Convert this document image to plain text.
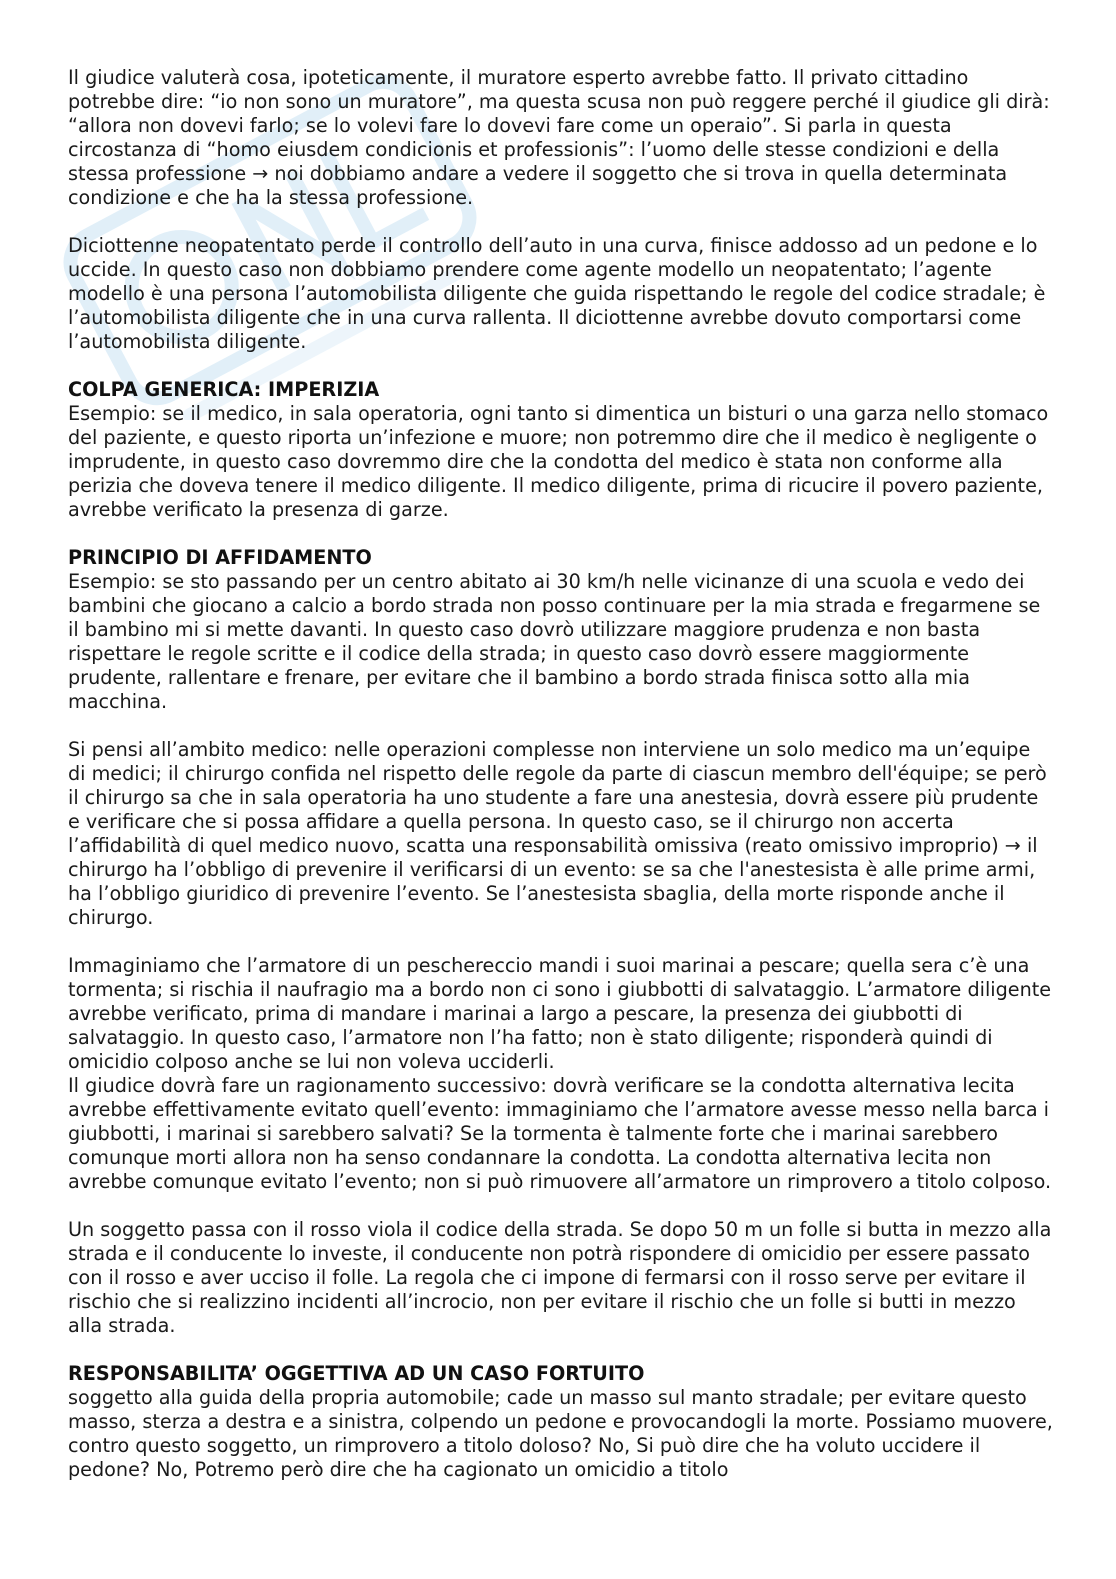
Il giudice valuterà cosa, ipoteticamente, il muratore esperto avrebbe fatto. Il privato cittadino potrebbe dire: “io non sono un muratore”, ma questa scusa non può reggere perché il giudice gli dirà: “allora non dovevi farlo; se lo volevi fare lo dovevi fare come un operaio”. Si parla in questa circostanza di “homo eiusdem condicionis et professionis”: l’uomo delle stesse condizioni e della stessa professione → noi dobbiamo andare a vedere il soggetto che si trova in quella determinata condizione e che ha la stessa professione.

Diciottenne neopatentato perde il controllo dell’auto in una curva, finisce addosso ad un pedone e lo uccide. In questo caso non dobbiamo prendere come agente modello un neopatentato; l’agente modello è una persona l’automobilista diligente che guida rispettando le regole del codice stradale; è l’automobilista diligente che in una curva rallenta. Il diciottenne avrebbe dovuto comportarsi come l’automobilista diligente.

COLPA GENERICA: IMPERIZIA

Esempio: se il medico, in sala operatoria, ogni tanto si dimentica un bisturi o una garza nello stomaco del paziente, e questo riporta un’infezione e muore; non potremmo dire che il medico è negligente o imprudente, in questo caso dovremmo dire che la condotta del medico è stata non conforme alla perizia che doveva tenere il medico diligente. Il medico diligente, prima di ricucire il povero paziente, avrebbe verificato la presenza di garze.

PRINCIPIO DI AFFIDAMENTO

Esempio: se sto passando per un centro abitato ai 30 km/h nelle vicinanze di una scuola e vedo dei bambini che giocano a calcio a bordo strada non posso continuare per la mia strada e fregarmene se il bambino mi si mette davanti. In questo caso dovrò utilizzare maggiore prudenza e non basta rispettare le regole scritte e il codice della strada; in questo caso dovrò essere maggiormente prudente, rallentare e frenare, per evitare che il bambino a bordo strada finisca sotto alla mia macchina.

Si pensi all’ambito medico: nelle operazioni complesse non interviene un solo medico ma un’equipe di medici; il chirurgo confida nel rispetto delle regole da parte di ciascun membro dell'équipe; se però il chirurgo sa che in sala operatoria ha uno studente a fare una anestesia, dovrà essere più prudente e verificare che si possa affidare a quella persona. In questo caso, se il chirurgo non accerta l’affidabilità di quel medico nuovo, scatta una responsabilità omissiva (reato omissivo improprio) → il chirurgo ha l’obbligo di prevenire il verificarsi di un evento: se sa che l'anestesista è alle prime armi, ha l’obbligo giuridico di prevenire l’evento. Se l’anestesista sbaglia, della morte risponde anche il chirurgo.

Immaginiamo che l’armatore di un peschereccio mandi i suoi marinai a pescare; quella sera c’è una tormenta; si rischia il naufragio ma a bordo non ci sono i giubbotti di salvataggio. L’armatore diligente avrebbe verificato, prima di mandare i marinai a largo a pescare, la presenza dei giubbotti di salvataggio. In questo caso, l’armatore non l’ha fatto; non è stato diligente; risponderà quindi di omicidio colposo anche se lui non voleva ucciderli.

Il giudice dovrà fare un ragionamento successivo: dovrà verificare se la condotta alternativa lecita avrebbe effettivamente evitato quell’evento: immaginiamo che l’armatore avesse messo nella barca i giubbotti, i marinai si sarebbero salvati? Se la tormenta è talmente forte che i marinai sarebbero comunque morti allora non ha senso condannare la condotta. La condotta alternativa lecita non avrebbe comunque evitato l’evento; non si può rimuovere all’armatore un rimprovero a titolo colposo.

Un soggetto passa con il rosso viola il codice della strada. Se dopo 50 m un folle si butta in mezzo alla strada e il conducente lo investe, il conducente non potrà rispondere di omicidio per essere passato con il rosso e aver ucciso il folle. La regola che ci impone di fermarsi con il rosso serve per evitare il rischio che si realizzino incidenti all’incrocio, non per evitare il rischio che un folle si butti in mezzo alla strada.

RESPONSABILITA’ OGGETTIVA AD UN CASO FORTUITO

soggetto alla guida della propria automobile; cade un masso sul manto stradale; per evitare questo masso, sterza a destra e a sinistra, colpendo un pedone e provocandogli la morte. Possiamo muovere, contro questo soggetto, un rimprovero a titolo doloso? No, Si può dire che ha voluto uccidere il pedone? No, Potremo però dire che ha cagionato un omicidio a titolo
